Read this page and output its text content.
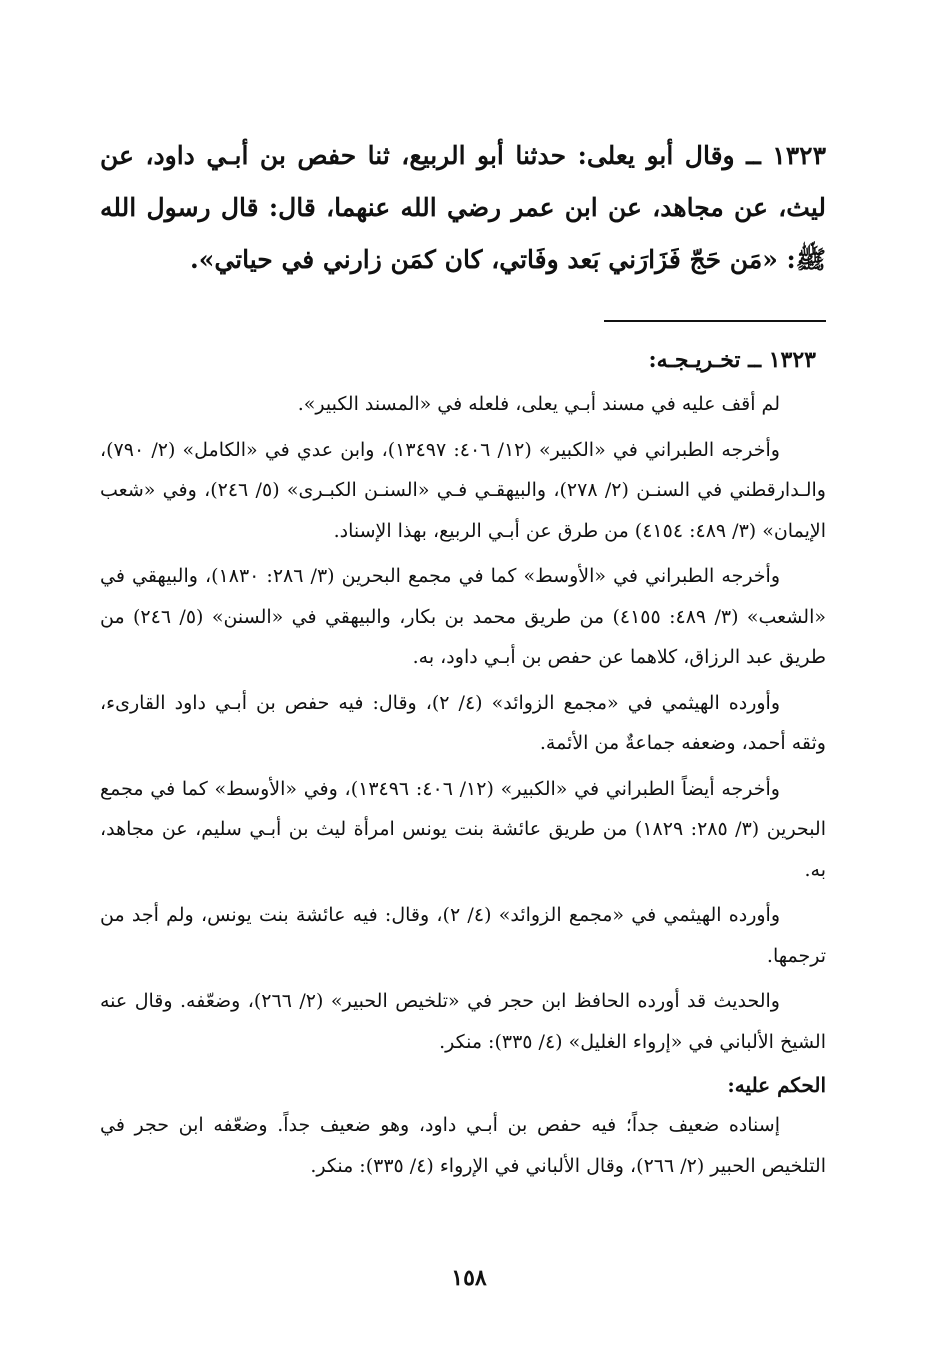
١٣٢٣ ــ وقال أبو يعلى: حدثنا أبو الربيع، ثنا حفص بن أبـي داود، عن ليث، عن مجاهد، عن ابن عمر رضي الله عنهما، قال: قال رسول الله ﷺ: «مَن حَجّ فَزَارَني بَعد وفَاتي، كان كمَن زارني في حياتي».

١٣٢٣ ــ تخـريـجـه:

لم أقف عليه في مسند أبـي يعلى، فلعله في «المسند الكبير».

وأخرجه الطبراني في «الكبير» (١٢/ ٤٠٦: ١٣٤٩٧)، وابن عدي في «الكامل» (٢/ ٧٩٠)، والـدارقطني في السنـن (٢/ ٢٧٨)، والبيهقـي فـي «السنـن الكبـرى» (٥/ ٢٤٦)، وفي «شعب الإيمان» (٣/ ٤٨٩: ٤١٥٤) من طرق عن أبـي الربيع، بهذا الإسناد.

وأخرجه الطبراني في «الأوسط» كما في مجمع البحرين (٣/ ٢٨٦: ١٨٣٠)، والبيهقي في «الشعب» (٣/ ٤٨٩: ٤١٥٥) من طريق محمد بن بكار، والبيهقي في «السنن» (٥/ ٢٤٦) من طريق عبد الرزاق، كلاهما عن حفص بن أبـي داود، به.

وأورده الهيثمي في «مجمع الزوائد» (٤/ ٢)، وقال: فيه حفص بن أبـي داود القارىء، وثقه أحمد، وضعفه جماعةٌ من الأئمة.

وأخرجه أيضاً الطبراني في «الكبير» (١٢/ ٤٠٦: ١٣٤٩٦)، وفي «الأوسط» كما في مجمع البحرين (٣/ ٢٨٥: ١٨٢٩) من طريق عائشة بنت يونس امرأة ليث بن أبـي سليم، عن مجاهد، به.

وأورده الهيثمي في «مجمع الزوائد» (٤/ ٢)، وقال: فيه عائشة بنت يونس، ولم أجد من ترجمها.

والحديث قد أورده الحافظ ابن حجر في «تلخيص الحبير» (٢/ ٢٦٦)، وضعّفه. وقال عنه الشيخ الألباني في «إرواء الغليل» (٤/ ٣٣٥): منكر.

الحكم عليه:

إسناده ضعيف جداً؛ فيه حفص بن أبـي داود، وهو ضعيف جداً. وضعّفه ابن حجر في التلخيص الحبير (٢/ ٢٦٦)، وقال الألباني في الإرواء (٤/ ٣٣٥): منكر.

١٥٨
